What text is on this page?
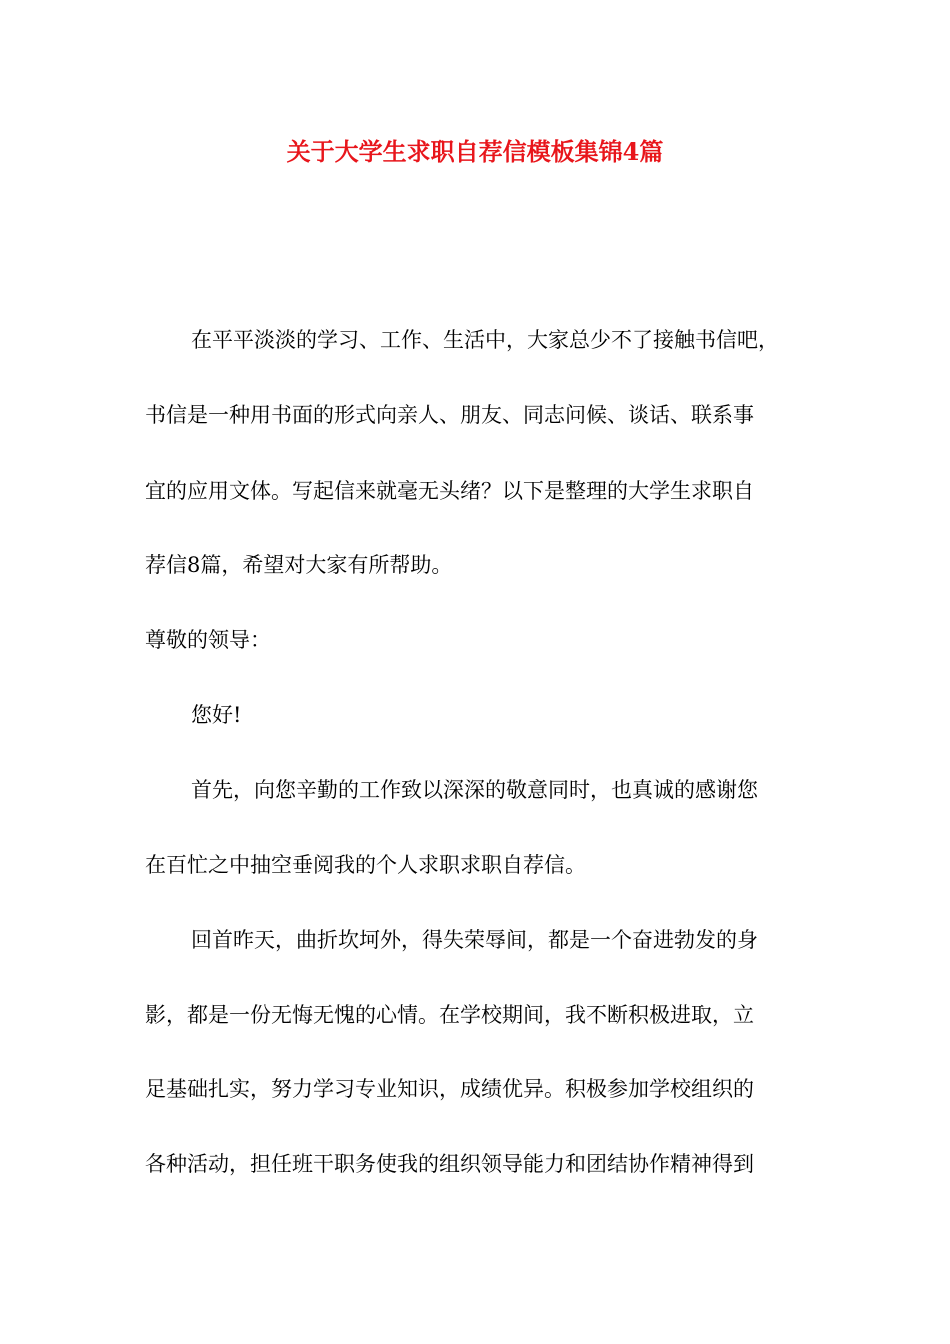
关于大学生求职自荐信模板集锦4篇
在平平淡淡的学习、工作、生活中，大家总少不了接触书信吧，
书信是一种用书面的形式向亲人、朋友、同志问候、谈话、联系事
宜的应用文体。写起信来就毫无头绪？以下是整理的大学生求职自
荐信8篇，希望对大家有所帮助。
尊敬的领导：
您好!
首先，向您辛勤的工作致以深深的敬意同时，也真诚的感谢您
在百忙之中抽空垂阅我的个人求职求职自荐信。
回首昨天，曲折坎坷外，得失荣辱间，都是一个奋进勃发的身
影，都是一份无悔无愧的心情。在学校期间，我不断积极进取，立
足基础扎实，努力学习专业知识，成绩优异。积极参加学校组织的
各种活动，担任班干职务使我的组织领导能力和团结协作精神得到
